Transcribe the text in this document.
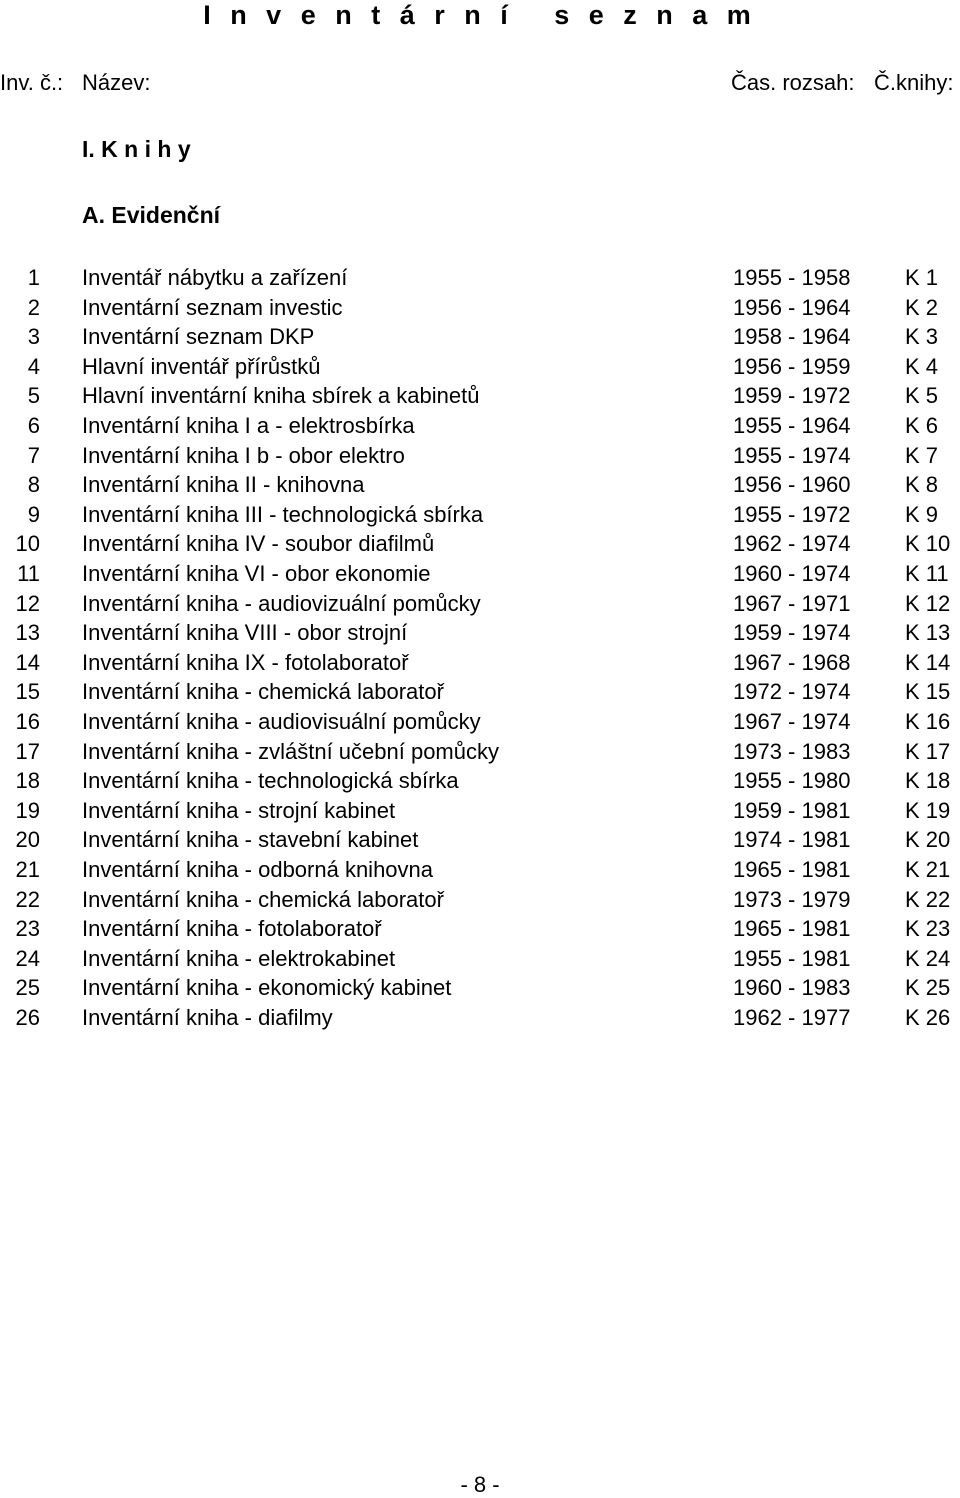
I n v e n t á r n í   s e z n a m
Inv. č.: Název:	Čas. rozsah: Č.knihy:
I. K n i h y
A. Evidenční
1 Inventář nábytku a zařízení	1955 - 1958 K 1
2 Inventární seznam investic	1956 - 1964 K 2
3 Inventární seznam DKP	1958 - 1964 K 3
4 Hlavní inventář přírůstků	1956 - 1959 K 4
5 Hlavní inventární kniha sbírek a kabinetů	1959 - 1972 K 5
6 Inventární kniha I a - elektrosbírka	1955 - 1964 K 6
7 Inventární kniha I b - obor elektro	1955 - 1974 K 7
8 Inventární kniha II - knihovna	1956 - 1960 K 8
9 Inventární kniha III - technologická sbírka	1955 - 1972 K 9
10 Inventární kniha IV - soubor diafilmů	1962 - 1974 K 10
11 Inventární kniha VI - obor ekonomie	1960 - 1974 K 11
12 Inventární kniha - audiovizuální pomůcky	1967 - 1971 K 12
13 Inventární kniha VIII - obor strojní	1959 - 1974 K 13
14 Inventární kniha IX - fotolaboratoř	1967 - 1968 K 14
15 Inventární kniha - chemická laboratoř	1972 - 1974 K 15
16 Inventární kniha - audiovisuální pomůcky	1967 - 1974 K 16
17 Inventární kniha - zvláštní učební pomůcky	1973 - 1983 K 17
18 Inventární kniha - technologická sbírka	1955 - 1980 K 18
19 Inventární kniha - strojní kabinet	1959 - 1981 K 19
20 Inventární kniha - stavební kabinet	1974 - 1981 K 20
21 Inventární kniha - odborná knihovna	1965 - 1981 K 21
22 Inventární kniha - chemická laboratoř	1973 - 1979 K 22
23 Inventární kniha - fotolaboratoř	1965 - 1981 K 23
24 Inventární kniha - elektrokabinet	1955 - 1981 K 24
25 Inventární kniha - ekonomický kabinet	1960 - 1983 K 25
26 Inventární kniha - diafilmy	1962 - 1977 K 26
- 8 -
